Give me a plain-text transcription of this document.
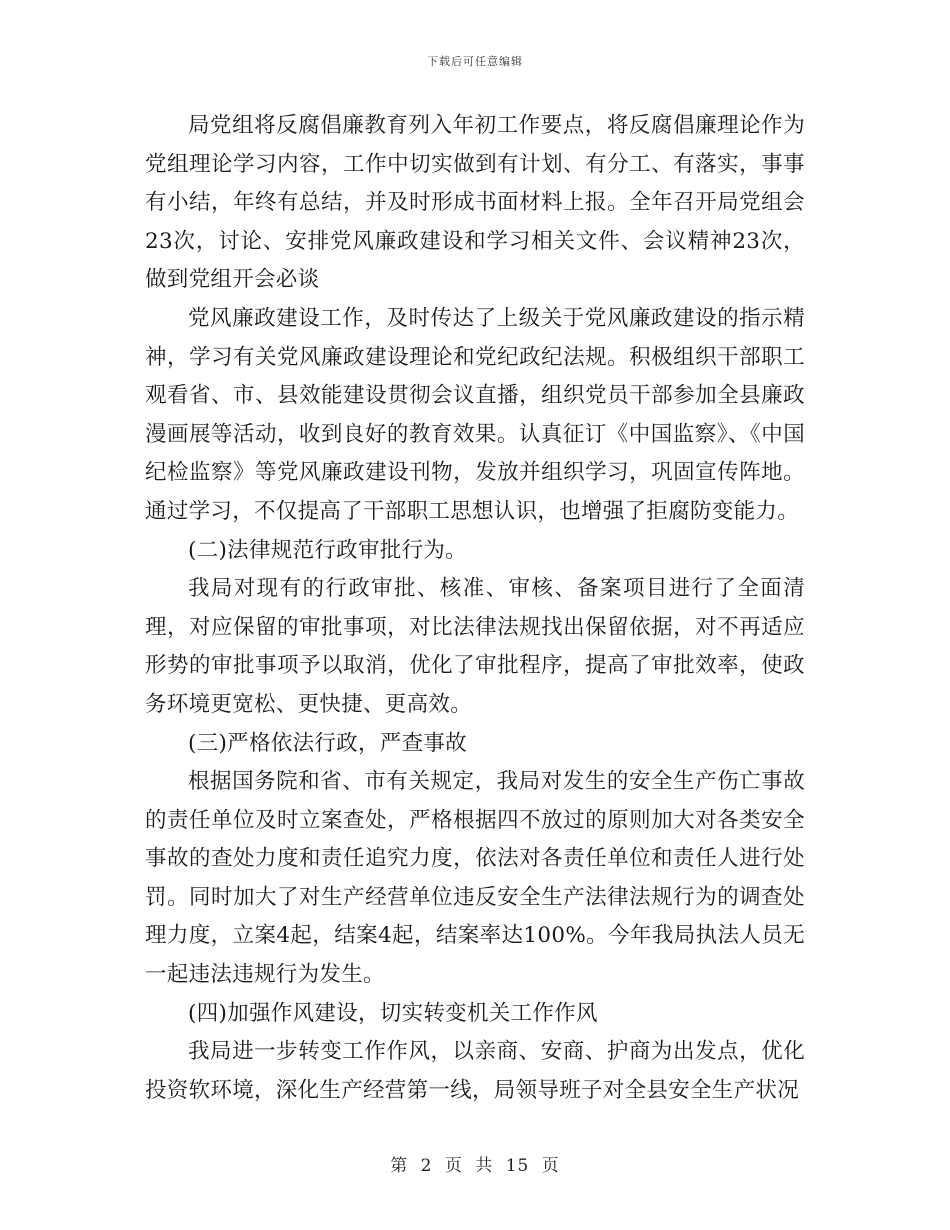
下载后可任意编辑

局党组将反腐倡廉教育列入年初工作要点，将反腐倡廉理论作为党组理论学习内容，工作中切实做到有计划、有分工、有落实，事事有小结，年终有总结，并及时形成书面材料上报。全年召开局党组会23次，讨论、安排党风廉政建设和学习相关文件、会议精神23次，做到党组开会必谈

党风廉政建设工作，及时传达了上级关于党风廉政建设的指示精神，学习有关党风廉政建设理论和党纪政纪法规。积极组织干部职工观看省、市、县效能建设贯彻会议直播，组织党员干部参加全县廉政漫画展等活动，收到良好的教育效果。认真征订《中国监察》、《中国纪检监察》等党风廉政建设刊物，发放并组织学习，巩固宣传阵地。通过学习，不仅提高了干部职工思想认识，也增强了拒腐防变能力。

(二)法律规范行政审批行为。

我局对现有的行政审批、核准、审核、备案项目进行了全面清理，对应保留的审批事项，对比法律法规找出保留依据，对不再适应形势的审批事项予以取消，优化了审批程序，提高了审批效率，使政务环境更宽松、更快捷、更高效。

(三)严格依法行政，严查事故

根据国务院和省、市有关规定，我局对发生的安全生产伤亡事故的责任单位及时立案查处，严格根据四不放过的原则加大对各类安全事故的查处力度和责任追究力度，依法对各责任单位和责任人进行处罚。同时加大了对生产经营单位违反安全生产法律法规行为的调查处理力度，立案4起，结案4起，结案率达100%。今年我局执法人员无一起违法违规行为发生。

(四)加强作风建设，切实转变机关工作作风

我局进一步转变工作作风，以亲商、安商、护商为出发点，优化投资软环境，深化生产经营第一线，局领导班子对全县安全生产状况

第 2 页 共 15 页
